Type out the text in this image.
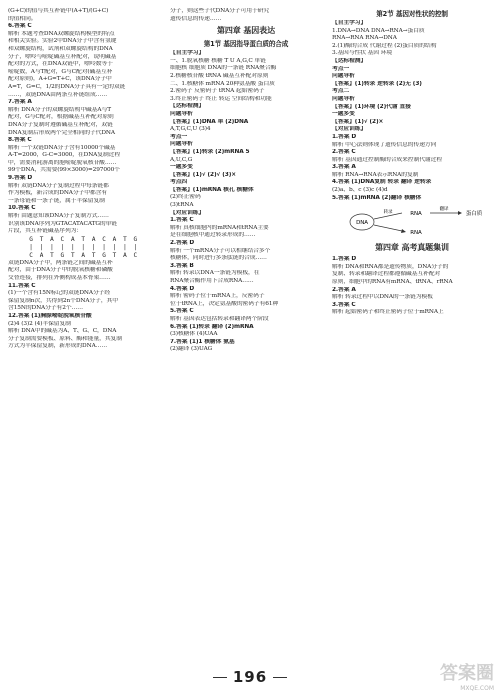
(G+C)的值与其互补链中(A+T)/(G+C)
的值相同。
6.答案 C
解析 本题考查DNA双螺旋结构模型的特点
和相关实验。实验2中DNA分子中含有氢键
和双螺旋结构，试剂和双螺旋结构的DNA
分子，嘌呤与嘧啶碱基互补配对，说明碱基
配对的方式，在DNA双链中，嘌呤数等于
嘧啶数，A与T配对，G与C配对(碱基互补
配对原则)，A+G=T+C，该DNA分子中
A=T，G=C，1/2的DNA分子具有一定的双链
……，双链DNA由两条互补链组成……
7.答案 A
解析 DNA分子的双螺旋结构中碱基A与T
配对，G与C配对，根据碱基互补配对原则
DNA分子复制时遵循碱基互补配对，双链
DNA复制后形成两个完全相同的子代DNA
8.答案 C
解析 一个双链DNA分子含有10000个碱基
A-T=2000，G-C=3000，在DNA复制过程
中，需要消耗游离的胞嘧啶脱氧核苷酸……
99个DNA，共需要(99×3000)=297000个
9.答案 D
解析 双链DNA分子复制过程中每条链都
作为模板，新合成的DNA分子中都含有
一条母链和一条子链，属于半保留复制
10.答案 C
解析 由题意知该DNA分子复制方式……
识别该DNA序列为GTACATACATG的单链
片段，其互补链碱基序列为：
G T A C A T A C A T G
| | | | | | | | | | |
C A T G T A T G T A C
双链DNA分子中，两条链之间的碱基互补
配对，由于DNA分子中的脱氧核糖和磷酸
交替连接，排列在外侧构成基本骨架……
11.答案 C
(1)一个含有15N标记的双链DNA分子经
保留复制n次，共得到2n个DNA分子，其中
含15N的DNA分子有2个……
12.答案 (1)胸腺嘧啶脱氧核苷酸
(2)4 (3)2 (4)半保留复制
解析 DNA中的碱基为A、T、G、C，DNA
分子复制需要模板、原料、酶和能量，其复制
方式为半保留复制，新形成的DNA……
分子，则这些子代DNA分子可用于研究
遗传信息的传递……
第四章 基因表达
第1节 基因指导蛋白质的合成
【自主学习】
一、1.脱氧核糖 核糖 T U A,G,C 单链
细胞核 细胞质 DNA的一条链 RNA聚合酶
2.核糖核苷酸 tRNA 碱基互补配对原则
二、1.核糖体 mRNA 20种氨基酸 蛋白质
2.密码子 反密码子 tRNA 起始密码子
3.终止密码子 终止 转运 空间结构和功能
【达标检测】
问题导析
【答案】(1)DNA 单 (2)DNA
A,T,G,C,U (3)4
考点一
问题导析
【答案】(1)转录 (2)mRNA 5
A,U,C,G
一题多变
【答案】(1)√ (2)√ (3)×
考点四
【答案】(1)mRNA 核孔 核糖体
(2)终止密码
(3)tRNA
【对应训练】
1.答案 C
解析 真核细胞内的mRNA和tRNA主要
是在细胞核中通过转录形成的……
2.答案 D
解析 一个mRNA分子可以相继结合多个
核糖体，同时进行多条肽链的合成……
3.答案 B
解析 转录以DNA一条链为模板，在
RNA聚合酶作用下合成RNA……
4.答案 D
解析 密码子位于mRNA上，反密码子
位于tRNA上，决定氨基酸的密码子有61种
5.答案 C
解析 基因表达包括转录和翻译两个阶段
6.答案 (1)转录 翻译 (2)mRNA
(3)核糖体 (4)UAA
7.答案 (1)1 核糖体 氨基
(2)翻译 (3)UAG
第2节 基因对性状的控制
【自主学习】
1.DNA→DNA DNA→RNA→蛋白质
RNA→RNA RNA→DNA
2.(1)酶的合成 代谢过程 (2)蛋白质的结构
3.基因与性状 基因 环境
【达标检测】
考点一
问题导析
【答案】(1)转录 逆转录 (2)无 (3)
考点二
问题导析
【答案】(1)环境 (2)代谢 直接
一题多变
【答案】(1)√ (2)×
【对应训练】
1.答案 D
解析 中心法则体现了遗传信息的传递方向
2.答案 C
解析 基因通过控制酶的合成来控制代谢过程
3.答案 A
解析 RNA→RNA表示RNA的复制
4.答案 (1)DNA复制 转录 翻译 逆转录
(2)a、b、c (3)c (4)d
5.答案 (1)mRNA (2)翻译 核糖体
DNA
RNA
RNA
蛋白质
转录
翻译
第四章 高考真题集训
1.答案 D
解析 DNA和RNA都是遗传物质，DNA分子的
复制、转录和翻译过程都遵循碱基互补配对
原则，细胞中的RNA有mRNA、tRNA、rRNA
2.答案 A
解析 转录过程中以DNA的一条链为模板
3.答案 C
解析 起始密码子和终止密码子位于mRNA上
196	答案圈
MXQE.COM
